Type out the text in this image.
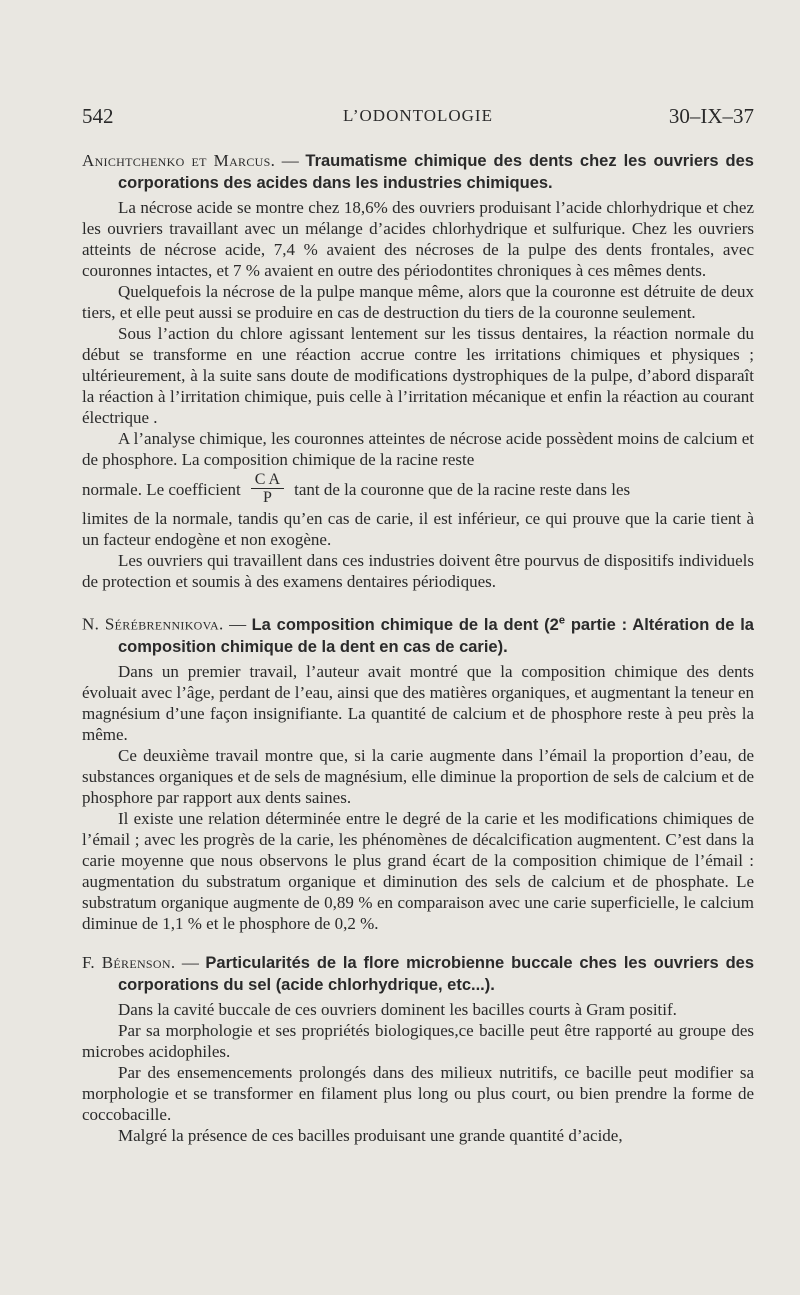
542	L’ODONTOLOGIE	30–IX–37

Anichtchenko et Marcus. — Traumatisme chimique des dents chez les ouvriers des corporations des acides dans les industries chimiques.

La nécrose acide se montre chez 18,6% des ouvriers produisant l’acide chlorhydrique et chez les ouvriers travaillant avec un mélange d’acides chlorhydrique et sulfurique. Chez les ouvriers atteints de nécrose acide, 7,4 % avaient des nécroses de la pulpe des dents frontales, avec couronnes intactes, et 7 % avaient en outre des périodontites chroniques à ces mêmes dents.

Quelquefois la nécrose de la pulpe manque même, alors que la couronne est détruite de deux tiers, et elle peut aussi se produire en cas de destruction du tiers de la couronne seulement.

Sous l’action du chlore agissant lentement sur les tissus dentaires, la réaction normale du début se transforme en une réaction accrue contre les irritations chimiques et physiques ; ultérieurement, à la suite sans doute de modifications dystrophiques de la pulpe, d’abord disparaît la réaction à l’irritation chimique, puis celle à l’irritation mécanique et enfin la réaction au courant électrique .

A l’analyse chimique, les couronnes atteintes de nécrose acide possèdent moins de calcium et de phosphore. La composition chimique de la racine reste

normale. Le coefficient $\frac{\text{C A}}{P}$ tant de la couronne que de la racine reste dans les

limites de la normale, tandis qu’en cas de carie, il est inférieur, ce qui prouve que la carie tient à un facteur endogène et non exogène.

Les ouvriers qui travaillent dans ces industries doivent être pourvus de dispositifs individuels de protection et soumis à des examens dentaires périodiques.

N. Sérébrennikova. — La composition chimique de la dent (2e partie : Altération de la composition chimique de la dent en cas de carie).

Dans un premier travail, l’auteur avait montré que la composition chimique des dents évoluait avec l’âge, perdant de l’eau, ainsi que des matières organiques, et augmentant la teneur en magnésium d’une façon insignifiante. La quantité de calcium et de phosphore reste à peu près la même.

Ce deuxième travail montre que, si la carie augmente dans l’émail la proportion d’eau, de substances organiques et de sels de magnésium, elle diminue la proportion de sels de calcium et de phosphore par rapport aux dents saines.

Il existe une relation déterminée entre le degré de la carie et les modifications chimiques de l’émail ; avec les progrès de la carie, les phénomènes de décalcification augmentent. C’est dans la carie moyenne que nous observons le plus grand écart de la composition chimique de l’émail : augmentation du substratum organique et diminution des sels de calcium et de phosphate. Le substratum organique augmente de 0,89 % en comparaison avec une carie superficielle, le calcium diminue de 1,1 % et le phosphore de 0,2 %.

F. Bérenson. — Particularités de la flore microbienne buccale ches les ouvriers des corporations du sel (acide chlorhydrique, etc...).

Dans la cavité buccale de ces ouvriers dominent les bacilles courts à Gram positif.

Par sa morphologie et ses propriétés biologiques,ce bacille peut être rapporté au groupe des microbes acidophiles.

Par des ensemencements prolongés dans des milieux nutritifs, ce bacille peut modifier sa morphologie et se transformer en filament plus long ou plus court, ou bien prendre la forme de coccobacille.

Malgré la présence de ces bacilles produisant une grande quantité d’acide,
